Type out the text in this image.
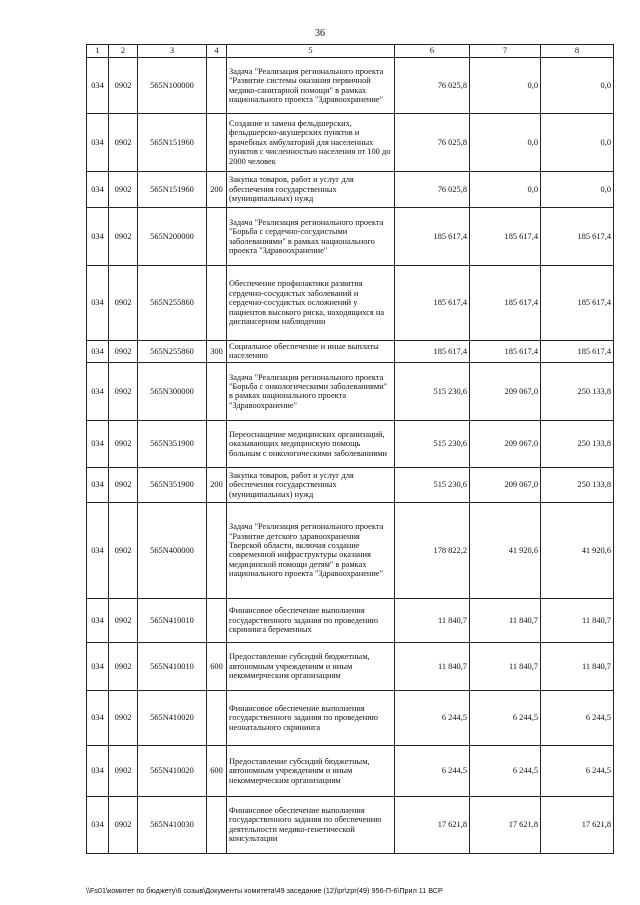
36
1	2	3	4	5	6	7	8
034	0902	565N100000		Задача "Реализация регионального проекта "Развитие системы оказания первичной медико-санитарной помощи" в рамках национального проекта "Здравоохранение"	76 025,8	0,0	0,0
034	0902	565N151960		Создание и замена фельдшерских, фельдшерско-акушерских пунктов и врачебных амбулаторий для населенных пунктов с численностью населения от 100 до 2000 человек	76 025,8	0,0	0,0
034	0902	565N151960	200	Закупка товаров, работ и услуг для обеспечения государственных (муниципальных) нужд	76 025,8	0,0	0,0
034	0902	565N200000		Задача "Реализация регионального проекта "Борьба с сердечно-сосудистыми заболеваниями" в рамках национального проекта "Здравоохранение"	185 617,4	185 617,4	185 617,4
034	0902	565N255860		Обеспечение профилактики развития сердечно-сосудистых заболеваний и сердечно-сосудистых осложнений у пациентов высокого риска, находящихся на диспансерном наблюдении	185 617,4	185 617,4	185 617,4
034	0902	565N255860	300	Социальное обеспечение и иные выплаты населению	185 617,4	185 617,4	185 617,4
034	0902	565N300000		Задача "Реализация регионального проекта "Борьба с онкологическими заболеваниями" в рамках национального проекта "Здравоохранение"	515 230,6	209 067,0	250 133,8
034	0902	565N351900		Переоснащение медицинских организаций, оказывающих медицинскую помощь больным с онкологическими заболеваниями	515 230,6	209 067,0	250 133,8
034	0902	565N351900	200	Закупка товаров, работ и услуг для обеспечения государственных (муниципальных) нужд	515 230,6	209 067,0	250 133,8
034	0902	565N400000		Задача "Реализация регионального проекта "Развитие детского здравоохранения Тверской области, включая создание современной инфраструктуры оказания медицинской помощи детям" в рамках национального проекта "Здравоохранение"	178 822,2	41 920,6	41 920,6
034	0902	565N410010		Финансовое обеспечение выполнения государственного задания по проведению скрининга беременных	11 840,7	11 840,7	11 840,7
034	0902	565N410010	600	Предоставление субсидий бюджетным, автономным учреждениям и иным некоммерческим организациям	11 840,7	11 840,7	11 840,7
034	0902	565N410020		Финансовое обеспечение выполнения государственного задания по проведению неонатального скрининга	6 244,5	6 244,5	6 244,5
034	0902	565N410020	600	Предоставление субсидий бюджетным, автономным учреждениям и иным некоммерческим организациям	6 244,5	6 244,5	6 244,5
034	0902	565N410030		Финансовое обеспечение выполнения государственного задания по обеспечению деятельности медико-генетической консультации	17 621,8	17 621,8	17 621,8
\\Fs01\комитет по бюджету\6 созыв\Документы комитета\49 заседание (12)\pr\zpr(49) 956-П-6\Прил 11 ВСР
